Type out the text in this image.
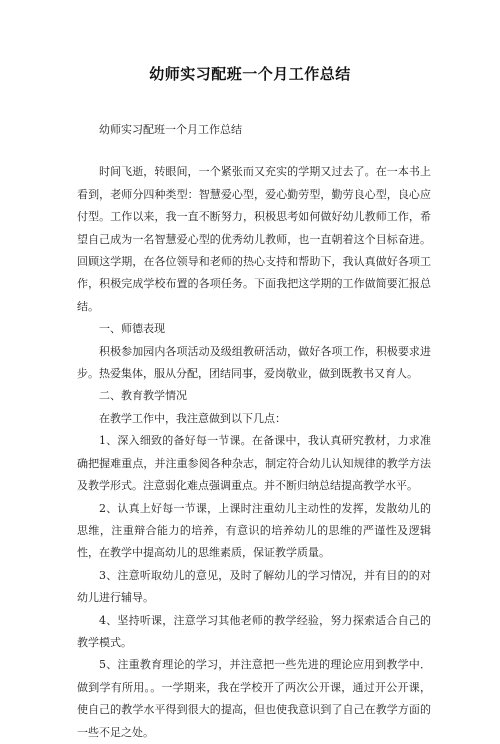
幼师实习配班一个月工作总结

幼师实习配班一个月工作总结

时间飞逝，转眼间，一个紧张而又充实的学期又过去了。在一本书上看到，老师分四种类型：智慧爱心型，爱心勤劳型，勤劳良心型，良心应付型。工作以来，我一直不断努力，积极思考如何做好幼儿教师工作，希望自己成为一名智慧爱心型的优秀幼儿教师，也一直朝着这个目标奋进。回顾这学期，在各位领导和老师的热心支持和帮助下，我认真做好各项工作，积极完成学校布置的各项任务。下面我把这学期的工作做简要汇报总结。

一、师德表现

积极参加园内各项活动及级组教研活动，做好各项工作，积极要求进步。热爱集体，服从分配，团结同事，爱岗敬业，做到既教书又育人。

二、教育教学情况

在教学工作中，我注意做到以下几点：

1、深入细致的备好每一节课。在备课中，我认真研究教材，力求准确把握难重点，并注重参阅各种杂志，制定符合幼儿认知规律的教学方法及教学形式。注意弱化难点强调重点。并不断归纳总结提高教学水平。

2、认真上好每一节课，上课时注重幼儿主动性的发挥，发散幼儿的思维，注重辩合能力的培养，有意识的培养幼儿的思维的严谨性及逻辑性，在教学中提高幼儿的思维素质，保证教学质量。

3、注意听取幼儿的意见，及时了解幼儿的学习情况，并有目的的对幼儿进行辅导。

4、坚持听课，注意学习其他老师的教学经验，努力探索适合自己的教学模式。

5、注重教育理论的学习，并注意把一些先进的理论应用到教学中．做到学有所用。。一学期来，我在学校开了两次公开课，通过开公开课，使自己的教学水平得到很大的提高，但也使我意识到了自己在教学方面的一些不足之处。
